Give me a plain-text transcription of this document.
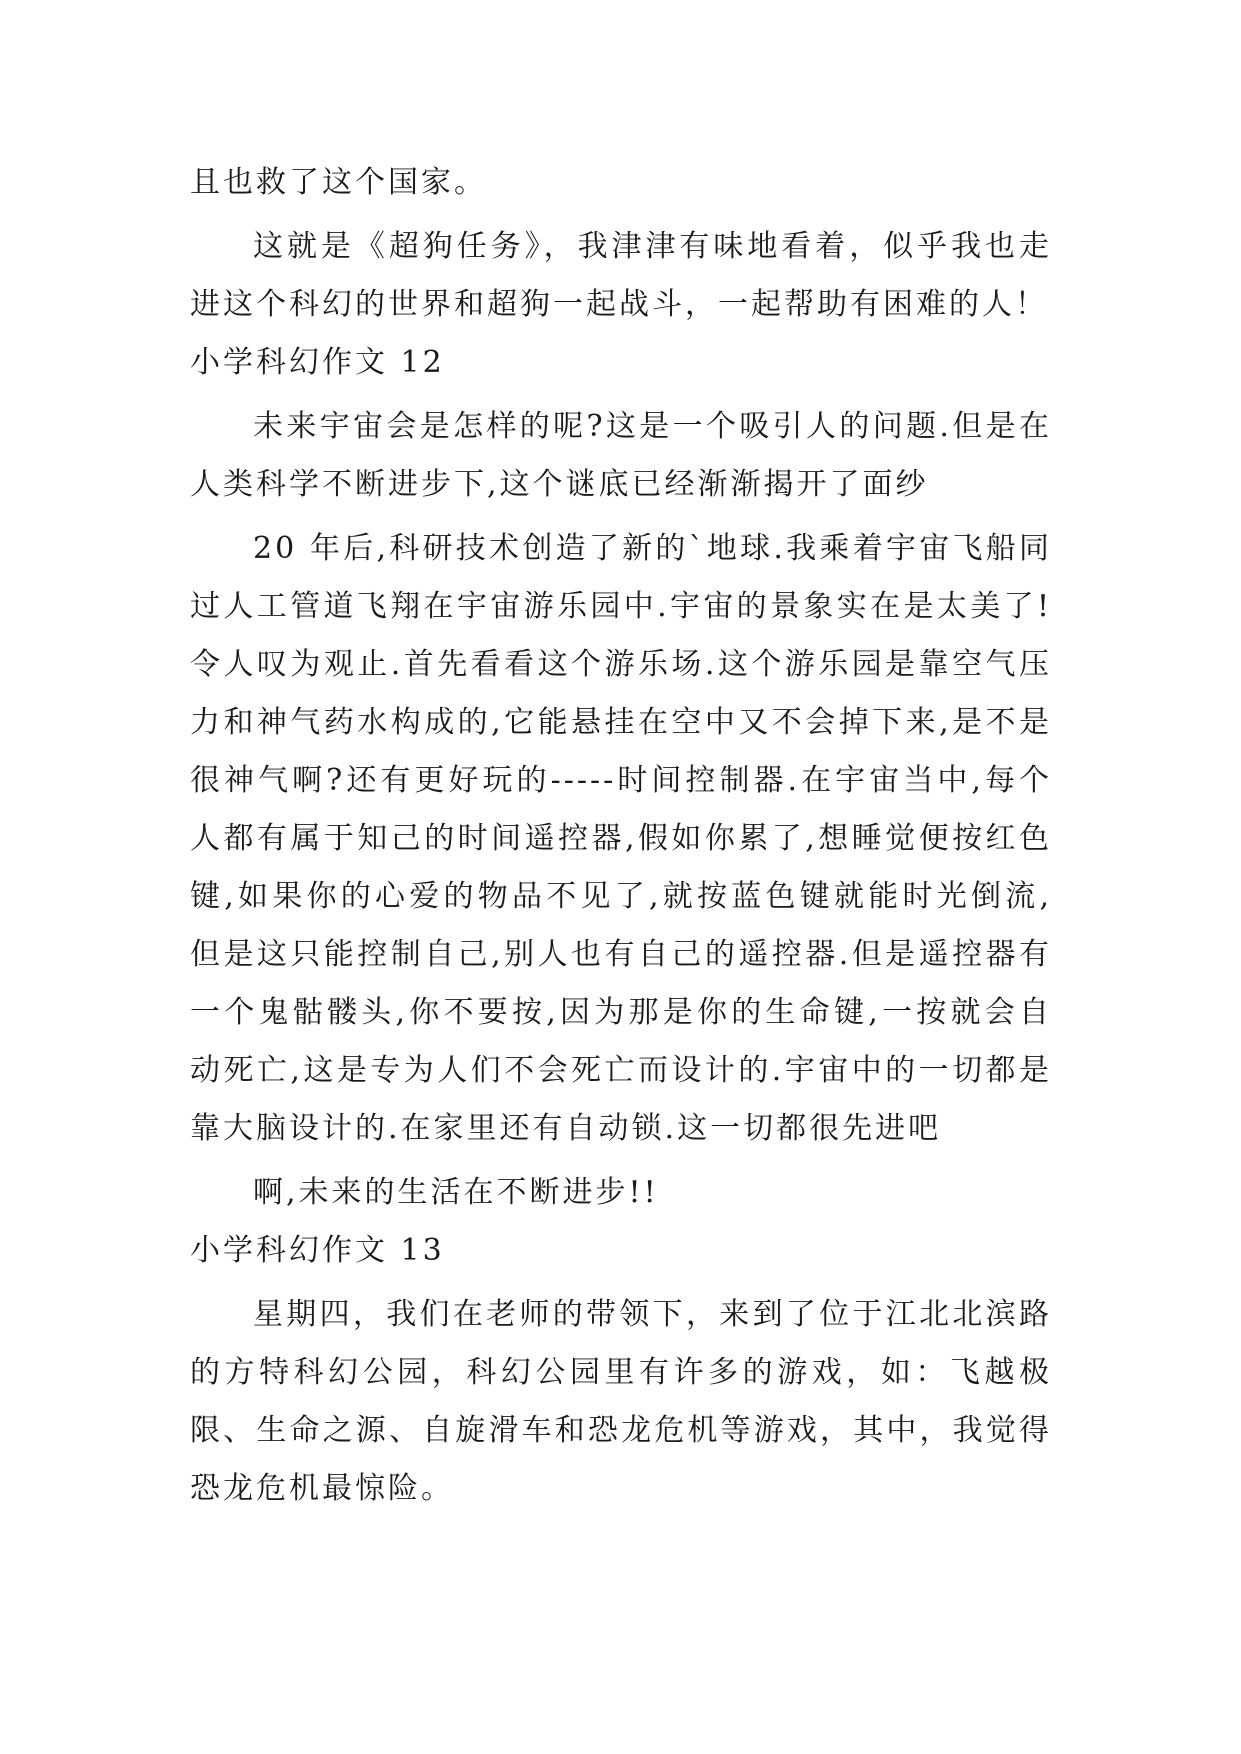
且也救了这个国家。

这就是《超狗任务》，我津津有味地看着，似乎我也走进这个科幻的世界和超狗一起战斗，一起帮助有困难的人！

小学科幻作文 12

未来宇宙会是怎样的呢?这是一个吸引人的问题.但是在人类科学不断进步下,这个谜底已经渐渐揭开了面纱

20 年后,科研技术创造了新的`地球.我乘着宇宙飞船同过人工管道飞翔在宇宙游乐园中.宇宙的景象实在是太美了!令人叹为观止.首先看看这个游乐场.这个游乐园是靠空气压力和神气药水构成的,它能悬挂在空中又不会掉下来,是不是很神气啊?还有更好玩的-----时间控制器.在宇宙当中,每个人都有属于知己的时间遥控器,假如你累了,想睡觉便按红色键,如果你的心爱的物品不见了,就按蓝色键就能时光倒流,但是这只能控制自己,别人也有自己的遥控器.但是遥控器有一个鬼骷髅头,你不要按,因为那是你的生命键,一按就会自动死亡,这是专为人们不会死亡而设计的.宇宙中的一切都是靠大脑设计的.在家里还有自动锁.这一切都很先进吧

啊,未来的生活在不断进步!!

小学科幻作文 13

星期四，我们在老师的带领下，来到了位于江北北滨路的方特科幻公园，科幻公园里有许多的游戏，如：飞越极限、生命之源、自旋滑车和恐龙危机等游戏，其中，我觉得恐龙危机最惊险。
